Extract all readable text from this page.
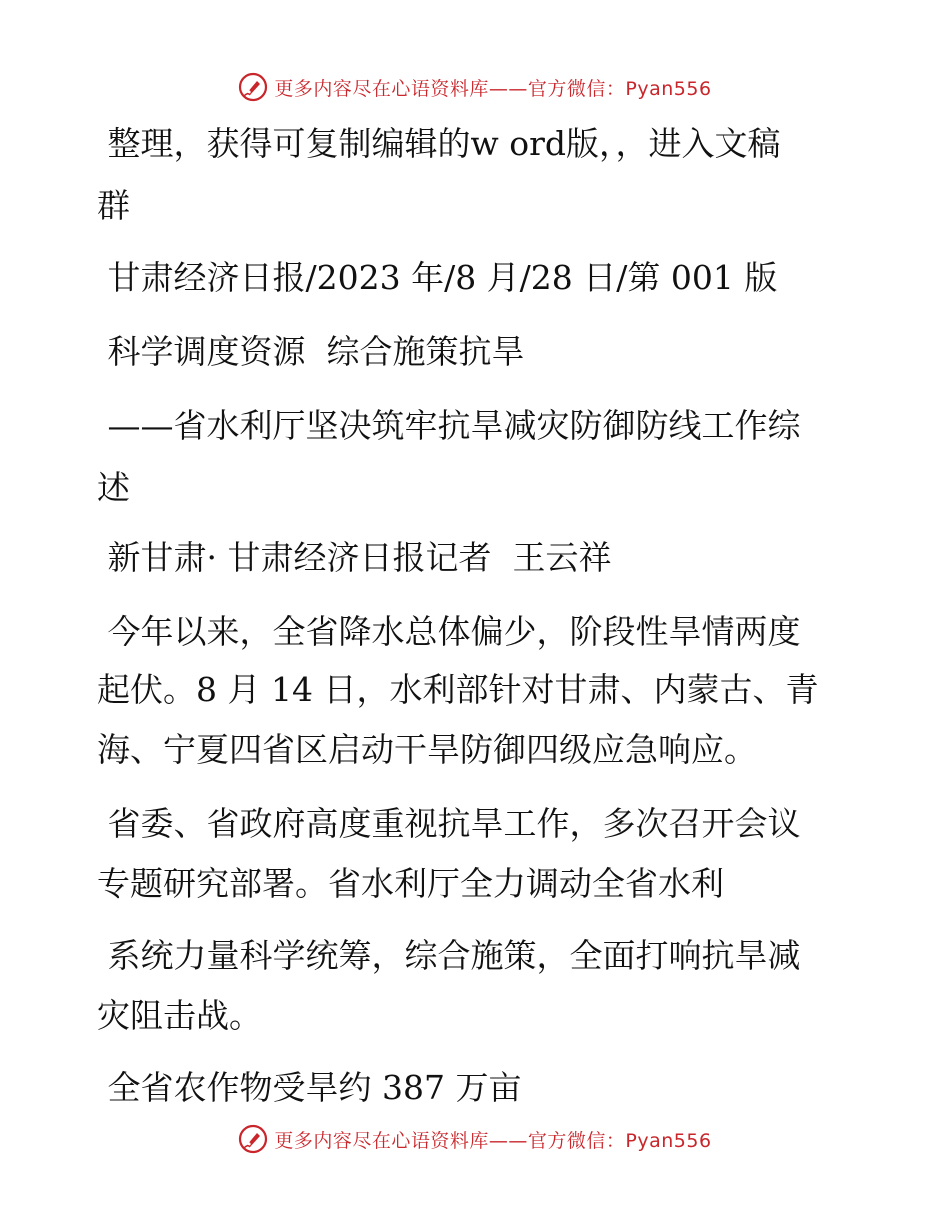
更多内容尽在心语资料库——官方微信：Pyan556
整理，获得可复制编辑的w ord版，，进入文稿
群
甘肃经济日报/2023 年/8 月/28 日/第 001 版
科学调度资源  综合施策抗旱
——省水利厅坚决筑牢抗旱减灾防御防线工作综
述
新甘肃· 甘肃经济日报记者  王云祥
今年以来，全省降水总体偏少，阶段性旱情两度
起伏。8 月 14 日，水利部针对甘肃、内蒙古、青
海、宁夏四省区启动干旱防御四级应急响应。
省委、省政府高度重视抗旱工作，多次召开会议
专题研究部署。省水利厅全力调动全省水利
系统力量科学统筹，综合施策，全面打响抗旱减
灾阻击战。
全省农作物受旱约 387 万亩
更多内容尽在心语资料库——官方微信：Pyan556
